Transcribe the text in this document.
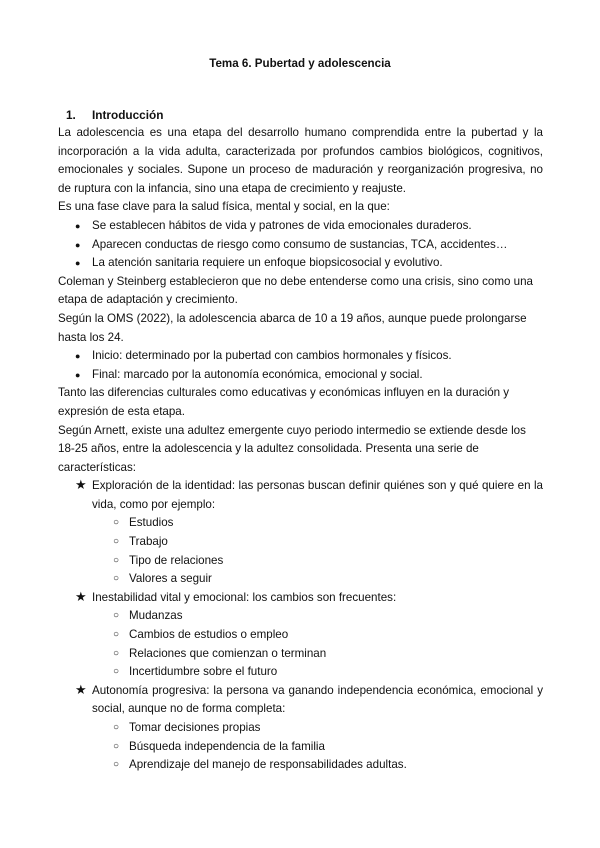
Tema 6. Pubertad y adolescencia
1. Introducción

La adolescencia es una etapa del desarrollo humano comprendida entre la pubertad y la incorporación a la vida adulta, caracterizada por profundos cambios biológicos, cognitivos, emocionales y sociales. Supone un proceso de maduración y reorganización progresiva, no de ruptura con la infancia, sino una etapa de crecimiento y reajuste.

Es una fase clave para la salud física, mental y social, en la que:

● Se establecen hábitos de vida y patrones de vida emocionales duraderos.
● Aparecen conductas de riesgo como consumo de sustancias, TCA, accidentes…
● La atención sanitaria requiere un enfoque biopsicosocial y evolutivo.

Coleman y Steinberg establecieron que no debe entenderse como una crisis, sino como una etapa de adaptación y crecimiento.

Según la OMS (2022), la adolescencia abarca de 10 a 19 años, aunque puede prolongarse hasta los 24.

● Inicio: determinado por la pubertad con cambios hormonales y físicos.
● Final: marcado por la autonomía económica, emocional y social.

Tanto las diferencias culturales como educativas y económicas influyen en la duración y expresión de esta etapa.

Según Arnett, existe una adultez emergente cuyo periodo intermedio se extiende desde los 18-25 años, entre la adolescencia y la adultez consolidada. Presenta una serie de características:

★ Exploración de la identidad: las personas buscan definir quiénes son y qué quiere en la vida, como por ejemplo:
○ Estudios
○ Trabajo
○ Tipo de relaciones
○ Valores a seguir
★ Inestabilidad vital y emocional: los cambios son frecuentes:
○ Mudanzas
○ Cambios de estudios o empleo
○ Relaciones que comienzan o terminan
○ Incertidumbre sobre el futuro
★ Autonomía progresiva: la persona va ganando independencia económica, emocional y social, aunque no de forma completa:
○ Tomar decisiones propias
○ Búsqueda independencia de la familia
○ Aprendizaje del manejo de responsabilidades adultas.
